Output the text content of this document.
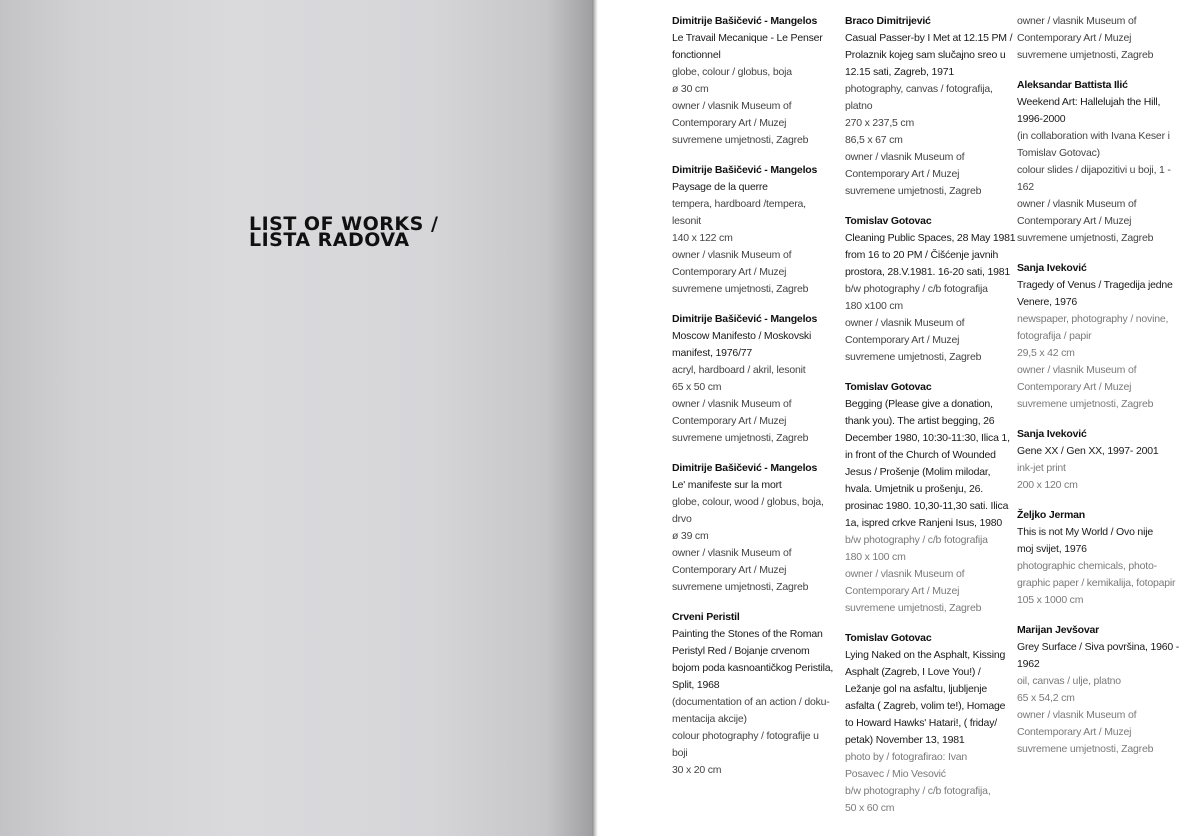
LIST OF WORKS /
LISTA RADOVA
Dimitrije Bašičević - Mangelos
Le Travail Mecanique - Le Penser
fonctionnel
globe, colour / globus, boja
ø 30 cm
owner / vlasnik Museum of
Contemporary Art / Muzej
suvremene umjetnosti, Zagreb
Dimitrije Bašičević - Mangelos
Paysage de la querre
tempera, hardboard /tempera,
lesonit
140 x 122 cm
owner / vlasnik Museum of
Contemporary Art / Muzej
suvremene umjetnosti, Zagreb
Dimitrije Bašičević - Mangelos
Moscow Manifesto / Moskovski
manifest, 1976/77
acryl, hardboard / akril, lesonit
65 x 50 cm
owner / vlasnik Museum of
Contemporary Art / Muzej
suvremene umjetnosti, Zagreb
Dimitrije Bašičević - Mangelos
Le' manifeste sur la mort
globe, colour, wood / globus, boja,
drvo
ø 39 cm
owner / vlasnik Museum of
Contemporary Art / Muzej
suvremene umjetnosti, Zagreb
Crveni Peristil
Painting the Stones of the Roman
Peristyl Red / Bojanje crvenom
bojom poda kasnoantičkog Peristila,
Split, 1968
(documentation of an action / doku-
mentacija akcije)
colour photography / fotografije u
boji
30 x 20 cm
Braco Dimitrijević
Casual Passer-by I Met at 12.15 PM /
Prolaznik kojeg sam slučajno sreo u
12.15 sati, Zagreb, 1971
photography, canvas / fotografija,
platno
270 x 237,5 cm
86,5 x 67 cm
owner / vlasnik Museum of
Contemporary Art / Muzej
suvremene umjetnosti, Zagreb
Tomislav Gotovac
Cleaning Public Spaces, 28 May 1981
from 16 to 20 PM / Čišćenje javnih
prostora, 28.V.1981. 16-20 sati, 1981
b/w photography / c/b fotografija
180 x100 cm
owner / vlasnik Museum of
Contemporary Art / Muzej
suvremene umjetnosti, Zagreb
Tomislav Gotovac
Begging (Please give a donation,
thank you). The artist begging, 26
December 1980, 10:30-11:30, Ilica 1,
in front of the Church of Wounded
Jesus / Prošenje (Molim milodar,
hvala. Umjetnik u prošenju, 26.
prosinac 1980. 10,30-11,30 sati. Ilica
1a, ispred crkve Ranjeni Isus, 1980
b/w photography / c/b fotografija
180 x 100 cm
owner / vlasnik Museum of
Contemporary Art / Muzej
suvremene umjetnosti, Zagreb
Tomislav Gotovac
Lying Naked on the Asphalt, Kissing
Asphalt (Zagreb, I Love You!) /
Ležanje gol na asfaltu, ljubljenje
asfalta ( Zagreb, volim te!), Homage
to Howard Hawks' Hatari!, ( friday/
petak) November 13, 1981
photo by / fotografirao: Ivan
Posavec / Mio Vesović
b/w photography / c/b fotografija,
50 x 60 cm
owner / vlasnik Museum of
Contemporary Art / Muzej
suvremene umjetnosti, Zagreb
Aleksandar Battista Ilić
Weekend Art: Hallelujah the Hill,
1996-2000
(in collaboration with Ivana Keser i
Tomislav Gotovac)
colour slides / dijapozitivi u boji, 1 -
162
owner / vlasnik Museum of
Contemporary Art / Muzej
suvremene umjetnosti, Zagreb
Sanja Iveković
Tragedy of Venus / Tragedija jedne
Venere, 1976
newspaper, photography / novine,
fotografija / papir
29,5 x 42 cm
owner / vlasnik Museum of
Contemporary Art / Muzej
suvremene umjetnosti, Zagreb
Sanja Iveković
Gene XX / Gen XX, 1997- 2001
ink-jet print
200 x 120 cm
Željko Jerman
This is not My World / Ovo nije
moj svijet, 1976
photographic chemicals, photo-
graphic paper / kemikalija, fotopapir
105 x 1000 cm
Marijan Jevšovar
Grey Surface / Siva površina, 1960 -
1962
oil, canvas / ulje, platno
65 x 54,2 cm
owner / vlasnik Museum of
Contemporary Art / Muzej
suvremene umjetnosti, Zagreb
